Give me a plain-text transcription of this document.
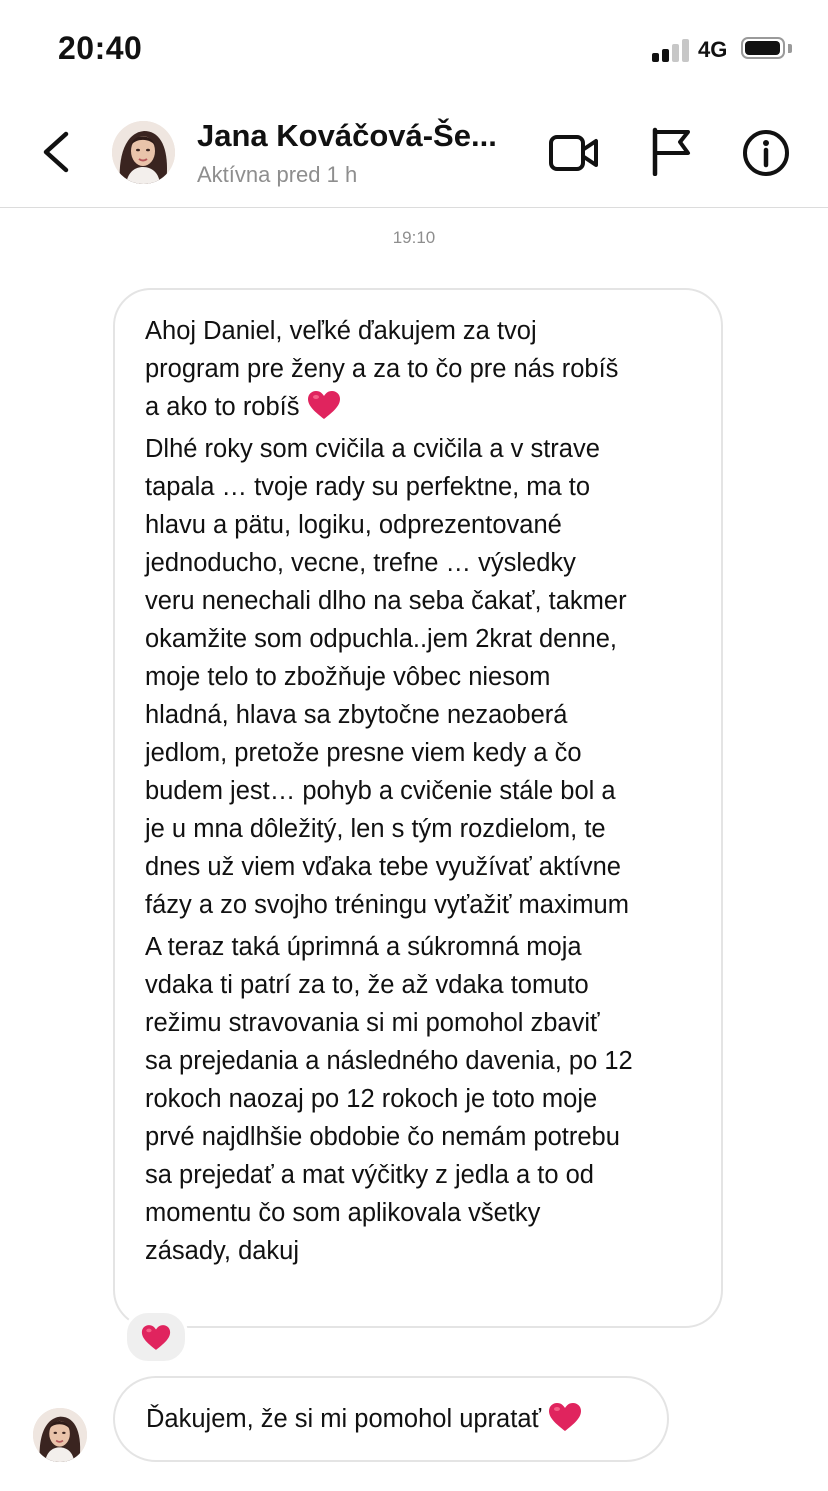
20:40	4G
Jana Kováčová-Še...
Aktívna pred 1 h
19:10

Ahoj Daniel, veľké ďakujem za tvoj
program pre ženy a za to čo pre nás robíš
a ako to robíš

Dlhé roky som cvičila a cvičila a v strave
tapala … tvoje rady su perfektne, ma to
hlavu a pätu, logiku, odprezentované
jednoducho, vecne, trefne … výsledky
veru nenechali dlho na seba čakať, takmer
okamžite som odpuchla..jem 2krat denne,
moje telo to zbožňuje vôbec niesom
hladná, hlava sa zbytočne nezaoberá
jedlom, pretože presne viem kedy a čo
budem jest… pohyb a cvičenie stále bol a
je u mna dôležitý, len s tým rozdielom, te
dnes už viem vďaka tebe využívať aktívne
fázy a zo svojho tréningu vyťažiť maximum

A teraz taká úprimná a súkromná moja
vdaka ti patrí za to, že až vdaka tomuto
režimu stravovania si mi pomohol zbaviť
sa prejedania a následného davenia, po 12
rokoch naozaj po 12 rokoch je toto moje
prvé najdlhšie obdobie čo nemám potrebu
sa prejedať a mat výčitky z jedla a to od
momentu čo som aplikovala všetky
zásady, dakuj

Ďakujem, že si mi pomohol upratať
